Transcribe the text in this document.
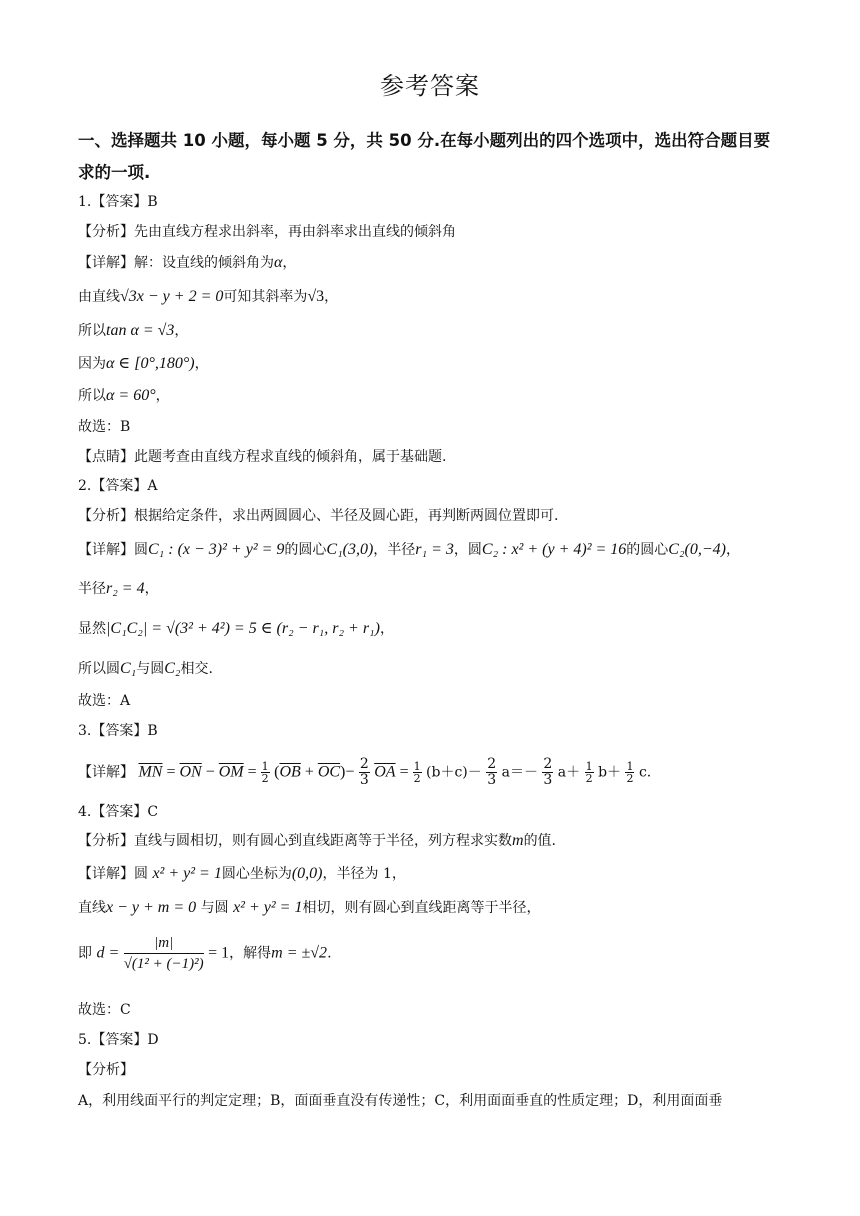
参考答案
一、选择题共 10 小题，每小题 5 分，共 50 分.在每小题列出的四个选项中，选出符合题目要
求的一项.
1.【答案】B
【分析】先由直线方程求出斜率，再由斜率求出直线的倾斜角
【详解】解：设直线的倾斜角为α，
由直线√3x − y + 2 = 0可知其斜率为√3，
所以tan α = √3，
因为α ∈ [0°,180°)，
所以α = 60°，
故选：B
【点睛】此题考查由直线方程求直线的倾斜角，属于基础题.
2.【答案】A
【分析】根据给定条件，求出两圆圆心、半径及圆心距，再判断两圆位置即可.
【详解】圆C₁ : (x − 3)² + y² = 9的圆心C₁(3,0)，半径r₁ = 3，圆C₂ : x² + (y + 4)² = 16的圆心C₂(0,−4)，
半径r₂ = 4，
显然|C₁C₂| = √(3² + 4²) = 5 ∈ (r₂ − r₁, r₂ + r₁)，
所以圆C₁与圆C₂相交.
故选：A
3.【答案】B
【详解】 $\overline{MN} = \overline{ON} - \overline{OM} = \frac{1}{2} (\overline{OB} + \overline{OC})- \frac{2}{3} \overline{OA} = \frac{1}{2} (b+c)- \frac{2}{3} a=- \frac{2}{3} a+ \frac{1}{2} b+ \frac{1}{2} c$.
4.【答案】C
【分析】直线与圆相切，则有圆心到直线距离等于半径，列方程求实数m的值.
【详解】圆 x² + y² = 1圆心坐标为(0,0)，半径为 1，
直线x − y + m = 0 与圆 x² + y² = 1相切，则有圆心到直线距离等于半径，
即 $d = \frac{|m|}{\text{√(1² + (−1)²)}} = 1$，解得m = ±√2.
故选：C
5.【答案】D
【分析】
A，利用线面平行的判定定理；B，面面垂直没有传递性；C，利用面面垂直的性质定理；D，利用面面垂
